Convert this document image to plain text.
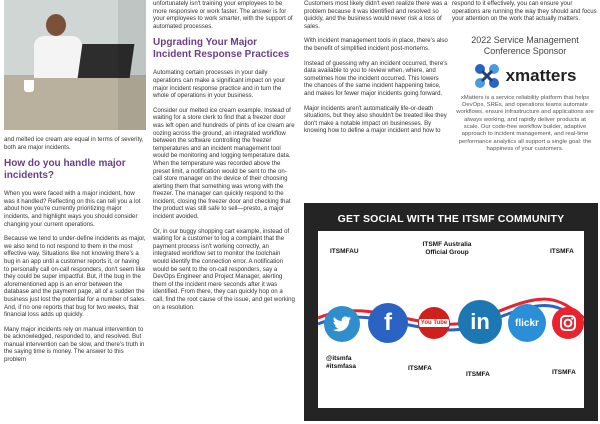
and melted ice cream are equal in terms of severity, both are major incidents.

How do you handle major incidents?

When you were faced with a major incident, how was it handled? Reflecting on this can tell you a lot about how you're currently prioritizing major incidents, and highlight ways you should consider changing your current operations.

Because we tend to under-define incidents as major, we also tend to not respond to them in the most effective way. Situations like not knowing there's a bug in an app until a customer reports it, or having to personally call on-call responders, don't seem like they could be super impactful. But, if the bug in the aforementioned app is an error between the database and the payment page, all of a sudden the business just lost the potential for a number of sales. And, if no one reports that bug for two weeks, that financial loss adds up quickly.

Many major incidents rely on manual intervention to be acknowledged, responded to, and resolved. But manual intervention can be slow, and there's truth in the saying time is money. The answer to this problem

unfortunately isn't training your employees to be more responsive or work faster. The answer is for your employees to work smarter, with the support of automated processes.

Upgrading Your Major Incident Response Practices

Automating certain processes in your daily operations can make a significant impact on your major incident response practice and in turn the whole of operations in your business.

Consider our melted ice cream example. Instead of waiting for a store clerk to find that a freezer door was left open and hundreds of pints of ice cream are oozing across the ground, an integrated workflow between the software controlling the freezer temperatures and an incident management tool would be monitoring and logging temperature data. When the temperature was recorded above the preset limit, a notification would be sent to the on-call store manager on the device of their choosing alerting them that something was wrong with the freezer. The manager can quickly respond to the incident, closing the freezer door and checking that the product was still safe to sell—presto, a major incident avoided.

Or, in our buggy shopping cart example, instead of waiting for a customer to log a complaint that the payment process isn't working correctly, an integrated workflow set to monitor the toolchain would identify the connection error. A notification would be sent to the on-call responders, say a DevOps Engineer and Project Manager, alerting them of the incident mere seconds after it was identified. From there, they can quickly hop on a call, find the root cause of the issue, and get working on a resolution.

Customers most likely didn't even realize there was a problem because it was identified and resolved so quickly, and the business would never risk a loss of sales.

With incident management tools in place, there's also the benefit of simplified incident post-mortems.

Instead of guessing why an incident occurred, there's data available to you to review when, where, and sometimes how the incident occurred. This lowers the chances of the same incident happening twice, and makes for fewer major incidents going forward.

Major incidents aren't automatically life-or-death situations, but they also shouldn't be treated like they don't make a notable impact on businesses. By knowing how to define a major incident and how to

respond to it effectively, you can ensure your operations are running the way they should and focus your attention on the work that actually matters.

2022 Service Management Conference Sponsor
xmatters
xMatters is a service reliability platform that helps DevOps, SREs, and operations teams automate workflows, ensure infrastructure and applications are always working, and rapidly deliver products at scale. Our code-free workflow builder, adaptive approach to incident management, and real-time performance analytics all support a single goal: the happiness of your customers.
GET SOCIAL WITH THE ITSMF COMMUNITY
ITSMFAU
ITSMF Australia Official Group	ITSMFA
f	You Tube in	flickr
@itsmfa #itsmfasa	ITSMFA
ITSMFA	ITSMFA
